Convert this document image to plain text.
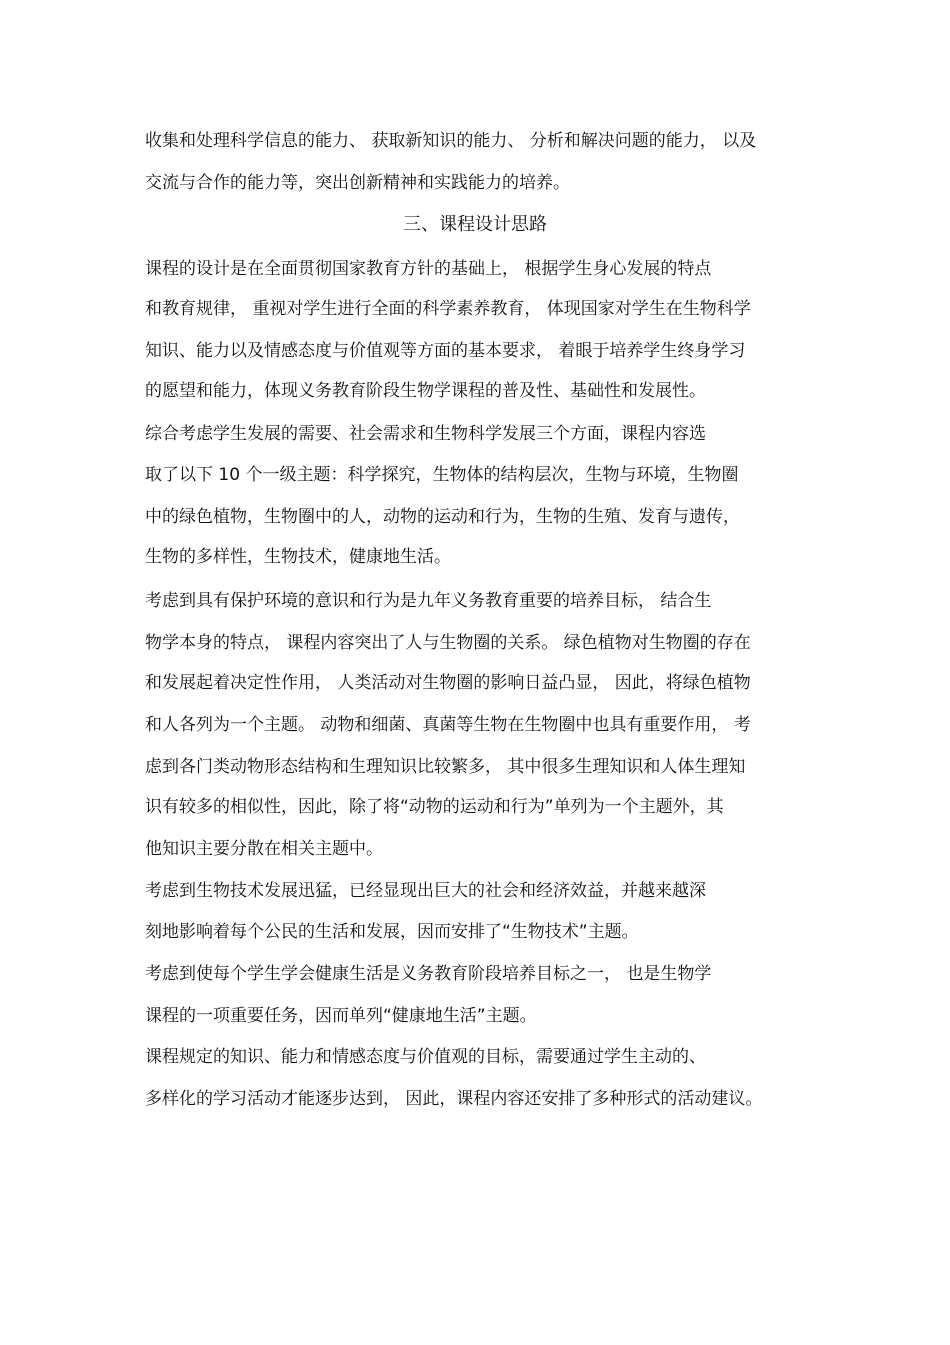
收集和处理科学信息的能力、 获取新知识的能力、 分析和解决问题的能力， 以及
交流与合作的能力等，突出创新精神和实践能力的培养。
三、课程设计思路
课程的设计是在全面贯彻国家教育方针的基础上， 根据学生身心发展的特点
和教育规律， 重视对学生进行全面的科学素养教育， 体现国家对学生在生物科学
知识、能力以及情感态度与价值观等方面的基本要求， 着眼于培养学生终身学习
的愿望和能力，体现义务教育阶段生物学课程的普及性、基础性和发展性。
综合考虑学生发展的需要、社会需求和生物科学发展三个方面，课程内容选
取了以下 10 个一级主题：科学探究，生物体的结构层次，生物与环境，生物圈
中的绿色植物，生物圈中的人，动物的运动和行为，生物的生殖、发育与遗传，
生物的多样性，生物技术，健康地生活。
考虑到具有保护环境的意识和行为是九年义务教育重要的培养目标， 结合生
物学本身的特点， 课程内容突出了人与生物圈的关系。 绿色植物对生物圈的存在
和发展起着决定性作用， 人类活动对生物圈的影响日益凸显， 因此，将绿色植物
和人各列为一个主题。 动物和细菌、真菌等生物在生物圈中也具有重要作用， 考
虑到各门类动物形态结构和生理知识比较繁多， 其中很多生理知识和人体生理知
识有较多的相似性，因此，除了将“动物的运动和行为”单列为一个主题外，其
他知识主要分散在相关主题中。
考虑到生物技术发展迅猛，已经显现出巨大的社会和经济效益，并越来越深
刻地影响着每个公民的生活和发展，因而安排了“生物技术”主题。
考虑到使每个学生学会健康生活是义务教育阶段培养目标之一， 也是生物学
课程的一项重要任务，因而单列“健康地生活”主题。
课程规定的知识、能力和情感态度与价值观的目标，需要通过学生主动的、
多样化的学习活动才能逐步达到， 因此，课程内容还安排了多种形式的活动建议。
